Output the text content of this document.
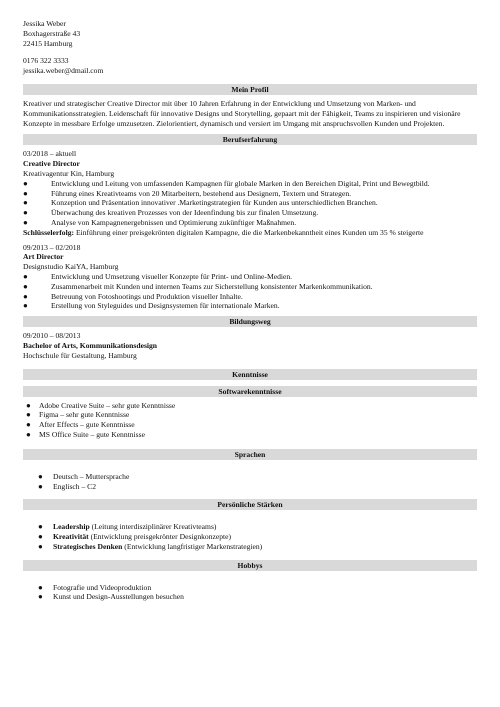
Jessika Weber

Boxhagerstraße 43

22415 Hamburg

0176 322 3333

jessika.weber@dmail.com

Mein Profil

Kreativer und strategischer Creative Director mit über 10 Jahren Erfahrung in der Entwicklung und Umsetzung von Marken- und Kommunikationsstrategien. Leidenschaft für innovative Designs und Storytelling, gepaart mit der Fähigkeit, Teams zu inspirieren und visionäre Konzepte in messbare Erfolge umzusetzen. Zielorientiert, dynamisch und versiert im Umgang mit anspruchsvollen Kunden und Projekten.

Berufserfahrung
03/2018 – aktuell
Creative Director
Kreativagentur Kin, Hamburg
●	Entwicklung und Leitung von umfassenden Kampagnen für globale Marken in den Bereichen Digital, Print und Bewegtbild.
●	Führung eines Kreativteams von 20 Mitarbeitern, bestehend aus Designern, Textern und Strategen.
●	Konzeption und Präsentation innovativer .Marketingstrategien für Kunden aus unterschiedlichen Branchen.
●	Überwachung des kreativen Prozesses von der Ideenfindung bis zur finalen Umsetzung.
●	Analyse von Kampagnenergebnissen und Optimierung zukünftiger Maßnahmen.
Schlüsselerfolg: Einführung einer preisgekrönten digitalen Kampagne, die die Markenbekanntheit eines Kunden um 35 % steigerte
09/2013 – 02/2018
Art Director
Designstudio KaiYA, Hamburg
●	Entwicklung und Umsetzung visueller Konzepte für Print- und Online-Medien.
●	Zusammenarbeit mit Kunden und internen Teams zur Sicherstellung konsistenter Markenkommunikation.
●	Betreuung von Fotoshootings und Produktion visueller Inhalte.
●	Erstellung von Styleguides und Designsystemen für internationale Marken.
Bildungsweg
09/2010 – 08/2013
Bachelor of Arts, Kommunikationsdesign
Hochschule für Gestaltung, Hamburg
Kenntnisse
Softwarekenntnisse
● Adobe Creative Suite – sehr gute Kenntnisse
● Figma – sehr gute Kenntnisse
● After Effects – gute Kenntnisse
● MS Office Suite – gute Kenntnisse
Sprachen
● Deutsch – Muttersprache
● Englisch – C2
Persönliche Stärken
● Leadership (Leitung interdisziplinärer Kreativteams)
● Kreativität (Entwicklung preisgekrönter Designkonzepte)
● Strategisches Denken (Entwicklung langfristiger Markenstrategien)
Hobbys
● Fotografie und Videoproduktion
● Kunst und Design-Ausstellungen besuchen
